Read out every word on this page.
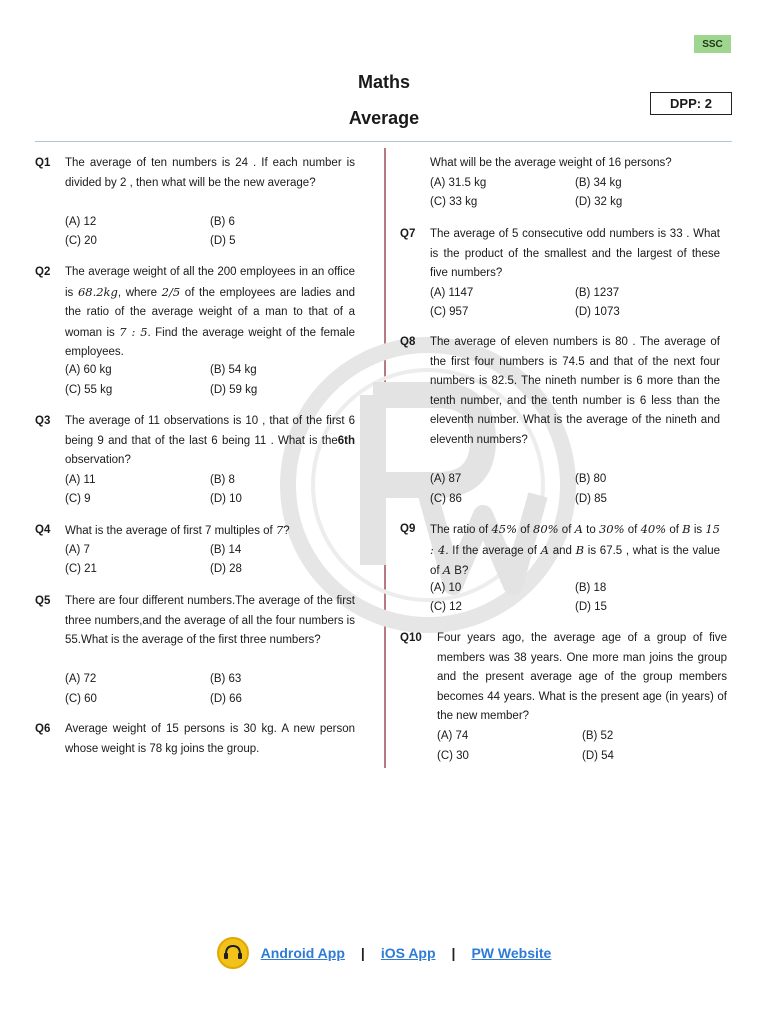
SSC
Maths
Average
DPP: 2
Q1 The average of ten numbers is 24 . If each number is divided by 2 , then what will be the new average?
(A) 12	(B) 6
(C) 20	(D) 5
Q2 The average weight of all the 200 employees in an office is 68.2kg, where 2/5 of the employees are ladies and the ratio of the average weight of a man to that of a woman is 7 : 5. Find the average weight of the female employees.
(A) 60 kg	(B) 54 kg
(C) 55 kg	(D) 59 kg
Q3 The average of 11 observations is 10 , that of the first 6 being 9 and that of the last 6 being 11 . What is the6th observation?
(A) 11	(B) 8
(C) 9	(D) 10
Q4 What is the average of first 7 multiples of 7?
(A) 7	(B) 14
(C) 21	(D) 28
Q5 There are four different numbers.The average of the first three numbers,and the average of all the four numbers is 55.What is the average of the first three numbers?
(A) 72	(B) 63
(C) 60	(D) 66
Q6 Average weight of 15 persons is 30 kg. A new person whose weight is 78 kg joins the group.
What will be the average weight of 16 persons?
(A) 31.5 kg	(B) 34 kg
(C) 33 kg	(D) 32 kg
Q7 The average of 5 consecutive odd numbers is 33 . What is the product of the smallest and the largest of these five numbers?
(A) 1147	(B) 1237
(C) 957	(D) 1073
Q8 The average of eleven numbers is 80 . The average of the first four numbers is 74.5 and that of the next four numbers is 82.5. The nineth number is 6 more than the tenth number, and the tenth number is 6 less than the eleventh number. What is the average of the nineth and eleventh numbers?
(A) 87	(B) 80
(C) 86	(D) 85
Q9 The ratio of 45% of 80% of A to 30% of 40% of B is 15 : 4. If the average of A and B is 67.5 , what is the value of A B?
(A) 10	(B) 18
(C) 12	(D) 15
Q10 Four years ago, the average age of a group of five members was 38 years. One more man joins the group and the present average age of the group members becomes 44 years. What is the present age (in years) of the new member?
(A) 74	(B) 52
(C) 30	(D) 54
Android App | iOS App | PW Website
